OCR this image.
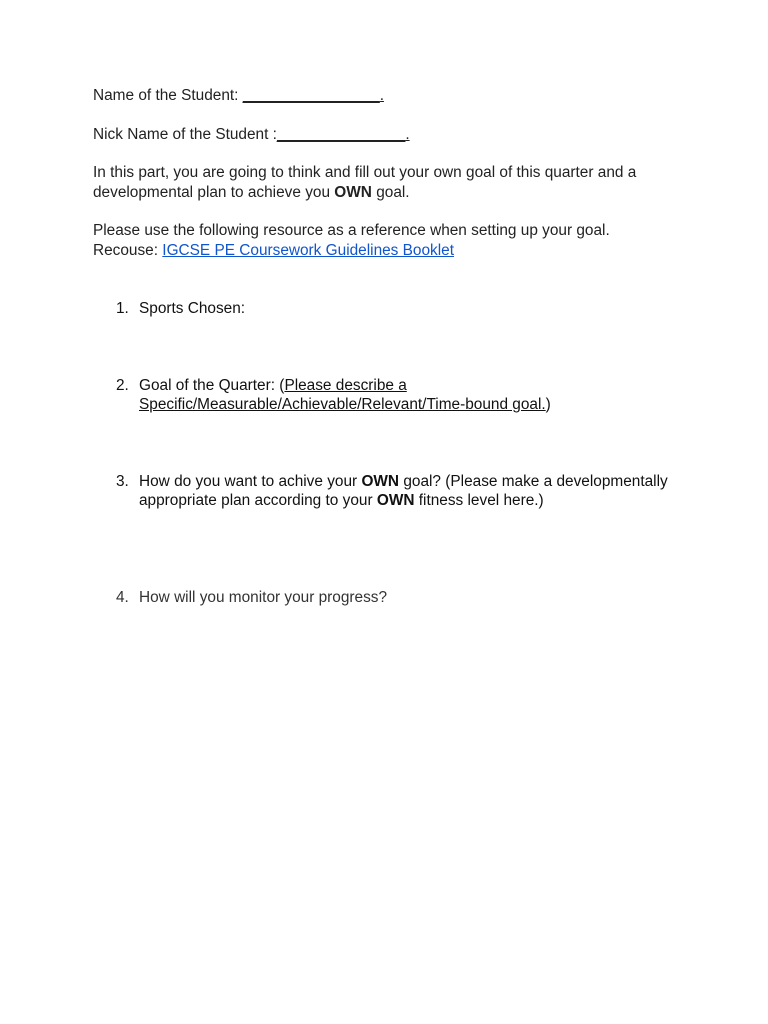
Name of the Student: ________________.

Nick Name of the Student :_______________.

In this part, you are going to think and fill out your own goal of this quarter and a developmental plan to achieve you OWN goal.

Please use the following resource as a reference when setting up your goal.
Recouse: IGCSE PE Coursework Guidelines Booklet

1. Sports Chosen:
2. Goal of the Quarter: (Please describe a Specific/Measurable/Achievable/Relevant/Time-bound goal.)
3. How do you want to achive your OWN goal? (Please make a developmentally appropriate plan according to your OWN fitness level here.)
4. How will you monitor your progress?
